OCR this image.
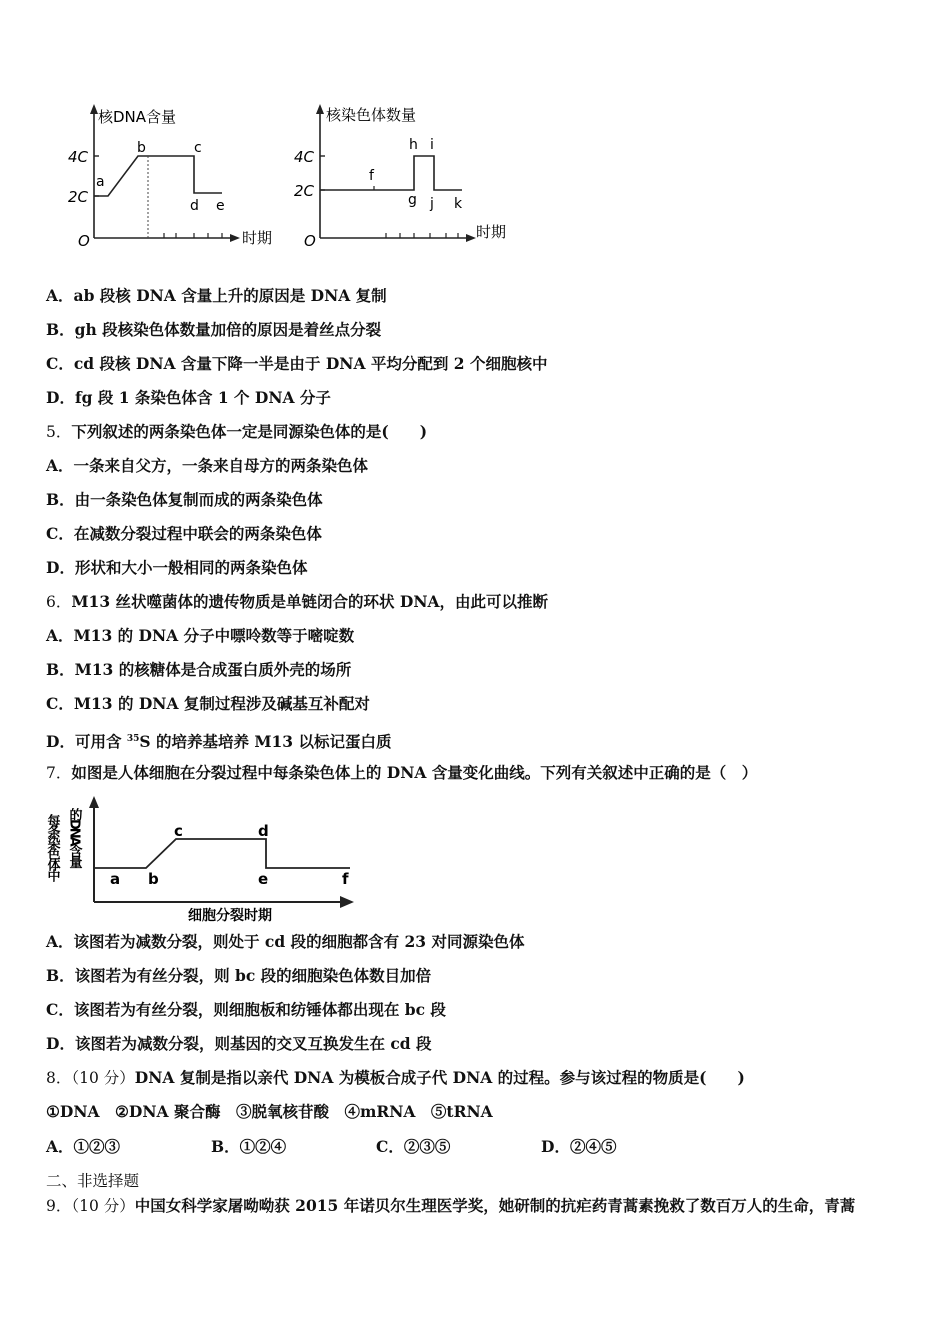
核DNA含量
4C
2C
O	时期
a
b	c
d e
核染色体数量
4C
2C
O	时期
f
h i
g j k
A．ab 段核 DNA 含量上升的原因是 DNA 复制
B．gh 段核染色体数量加倍的原因是着丝点分裂
C．cd 段核 DNA 含量下降一半是由于 DNA 平均分配到 2 个细胞核中
D．fg 段 1 条染色体含 1 个 DNA 分子
5．下列叙述的两条染色体一定是同源染色体的是(　　)
A．一条来自父方，一条来自母方的两条染色体
B．由一条染色体复制而成的两条染色体
C．在减数分裂过程中联会的两条染色体
D．形状和大小一般相同的两条染色体
6．M13 丝状噬菌体的遗传物质是单链闭合的环状 DNA，由此可以推断
A．M13 的 DNA 分子中嘌呤数等于嘧啶数
B．M13 的核糖体是合成蛋白质外壳的场所
C．M13 的 DNA 复制过程涉及碱基互补配对
D．可用含 $^{35}$S 的培养基培养 M13 以标记蛋白质
7．如图是人体细胞在分裂过程中每条染色体上的 DNA 含量变化曲线。下列有关叙述中正确的是（　）
每条染色体中 的DNA含量
a b
c	d
e	f
细胞分裂时期
A．该图若为减数分裂，则处于 cd 段的细胞都含有 23 对同源染色体
B．该图若为有丝分裂，则 bc 段的细胞染色体数目加倍
C．该图若为有丝分裂，则细胞板和纺锤体都出现在 bc 段
D．该图若为减数分裂，则基因的交叉互换发生在 cd 段
8．（10 分）DNA 复制是指以亲代 DNA 为模板合成子代 DNA 的过程。参与该过程的物质是(　　)
①DNA　②DNA 聚合酶　③脱氧核苷酸　④mRNA　⑤tRNA
A．①②③	B．①②④	C．②③⑤	D．②④⑤
二、非选择题
9．（10 分）中国女科学家屠呦呦获 2015 年诺贝尔生理医学奖，她研制的抗疟药青蒿素挽救了数百万人的生命，青蒿
